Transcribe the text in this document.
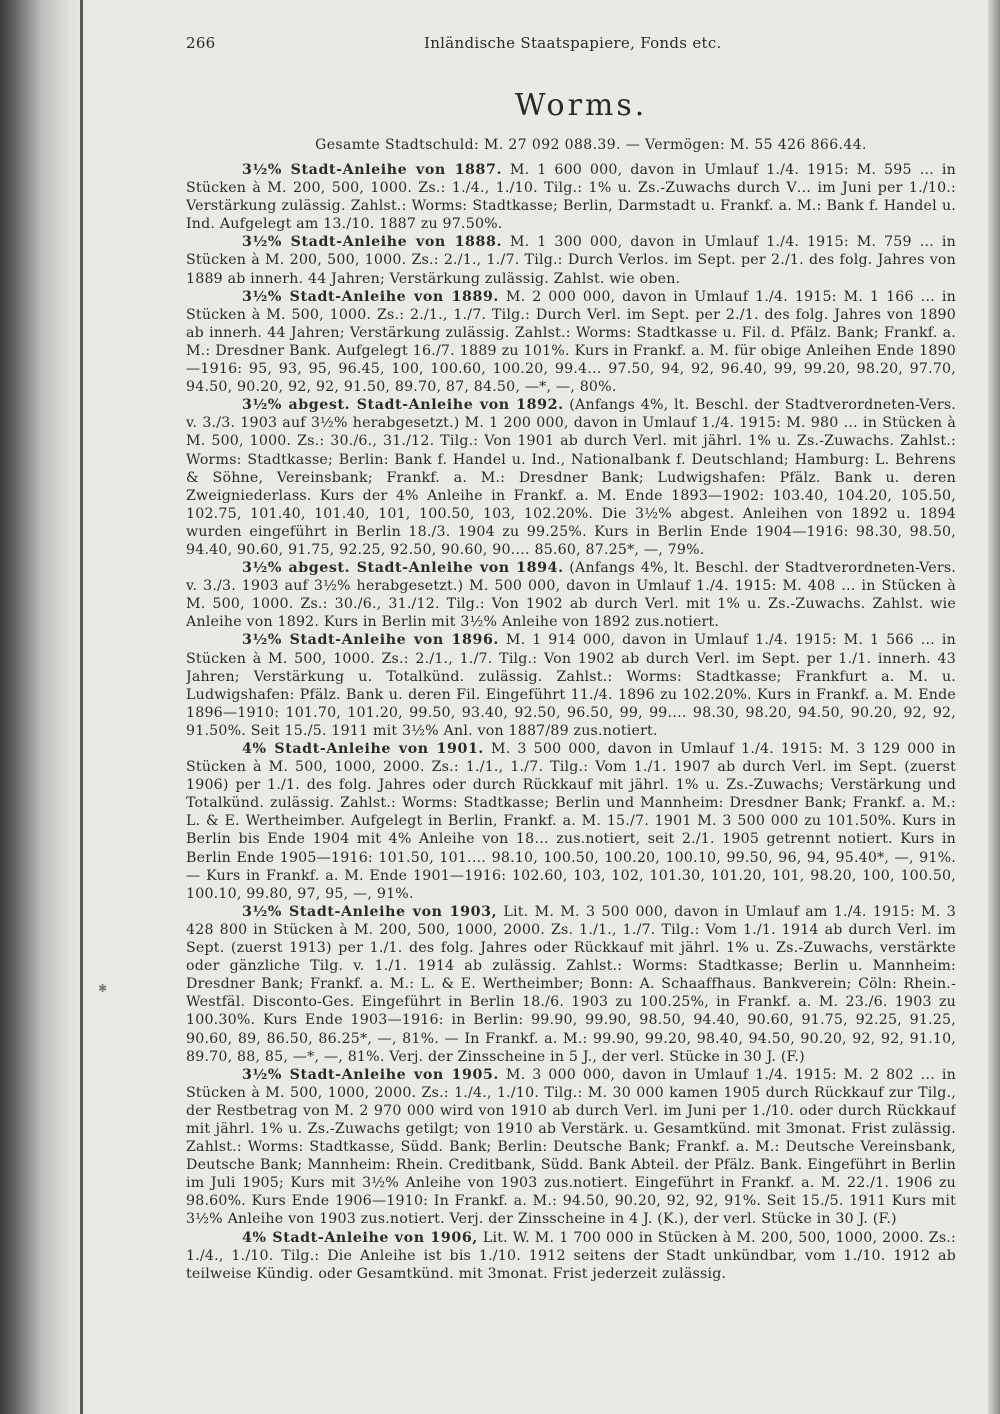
✱
266	Inländische Staatspapiere, Fonds etc.
Worms.
Gesamte Stadtschuld: M. 27 092 088.39. — Vermögen: M. 55 426 866.44.

3½% Stadt-Anleihe von 1887. M. 1 600 000, davon in Umlauf 1./4. 1915: M. 595 … in Stücken à M. 200, 500, 1000. Zs.: 1./4., 1./10. Tilg.: 1% u. Zs.-Zuwachs durch V… im Juni per 1./10.: Verstärkung zulässig. Zahlst.: Worms: Stadtkasse; Berlin, Darmstadt u. Frankf. a. M.: Bank f. Handel u. Ind. Aufgelegt am 13./10. 1887 zu 97.50%.

3½% Stadt-Anleihe von 1888. M. 1 300 000, davon in Umlauf 1./4. 1915: M. 759 … in Stücken à M. 200, 500, 1000. Zs.: 2./1., 1./7. Tilg.: Durch Verlos. im Sept. per 2./1. des folg. Jahres von 1889 ab innerh. 44 Jahren; Verstärkung zulässig. Zahlst. wie oben.

3½% Stadt-Anleihe von 1889. M. 2 000 000, davon in Umlauf 1./4. 1915: M. 1 166 … in Stücken à M. 500, 1000. Zs.: 2./1., 1./7. Tilg.: Durch Verl. im Sept. per 2./1. des folg. Jahres von 1890 ab innerh. 44 Jahren; Verstärkung zulässig. Zahlst.: Worms: Stadtkasse u. Fil. d. Pfälz. Bank; Frankf. a. M.: Dresdner Bank. Aufgelegt 16./7. 1889 zu 101%. Kurs in Frankf. a. M. für obige Anleihen Ende 1890—1916: 95, 93, 95, 96.45, 100, 100.60, 100.20, 99.4… 97.50, 94, 92, 96.40, 99, 99.20, 98.20, 97.70, 94.50, 90.20, 92, 92, 91.50, 89.70, 87, 84.50, —*, —, 80%.

3½% abgest. Stadt-Anleihe von 1892. (Anfangs 4%, lt. Beschl. der Stadtverordneten-Vers. v. 3./3. 1903 auf 3½% herabgesetzt.) M. 1 200 000, davon in Umlauf 1./4. 1915: M. 980 … in Stücken à M. 500, 1000. Zs.: 30./6., 31./12. Tilg.: Von 1901 ab durch Verl. mit jährl. 1% u. Zs.-Zuwachs. Zahlst.: Worms: Stadtkasse; Berlin: Bank f. Handel u. Ind., Nationalbank f. Deutschland; Hamburg: L. Behrens & Söhne, Vereinsbank; Frankf. a. M.: Dresdner Bank; Ludwigshafen: Pfälz. Bank u. deren Zweigniederlass. Kurs der 4% Anleihe in Frankf. a. M. Ende 1893—1902: 103.40, 104.20, 105.50, 102.75, 101.40, 101.40, 101, 100.50, 103, 102.20%. Die 3½% abgest. Anleihen von 1892 u. 1894 wurden eingeführt in Berlin 18./3. 1904 zu 99.25%. Kurs in Berlin Ende 1904—1916: 98.30, 98.50, 94.40, 90.60, 91.75, 92.25, 92.50, 90.60, 90.… 85.60, 87.25*, —, 79%.

3½% abgest. Stadt-Anleihe von 1894. (Anfangs 4%, lt. Beschl. der Stadtverordneten-Vers. v. 3./3. 1903 auf 3½% herabgesetzt.) M. 500 000, davon in Umlauf 1./4. 1915: M. 408 … in Stücken à M. 500, 1000. Zs.: 30./6., 31./12. Tilg.: Von 1902 ab durch Verl. mit 1% u. Zs.-Zuwachs. Zahlst. wie Anleihe von 1892. Kurs in Berlin mit 3½% Anleihe von 1892 zus.notiert.

3½% Stadt-Anleihe von 1896. M. 1 914 000, davon in Umlauf 1./4. 1915: M. 1 566 … in Stücken à M. 500, 1000. Zs.: 2./1., 1./7. Tilg.: Von 1902 ab durch Verl. im Sept. per 1./1. innerh. 43 Jahren; Verstärkung u. Totalkünd. zulässig. Zahlst.: Worms: Stadtkasse; Frankfurt a. M. u. Ludwigshafen: Pfälz. Bank u. deren Fil. Eingeführt 11./4. 1896 zu 102.20%. Kurs in Frankf. a. M. Ende 1896—1910: 101.70, 101.20, 99.50, 93.40, 92.50, 96.50, 99, 99.… 98.30, 98.20, 94.50, 90.20, 92, 92, 91.50%. Seit 15./5. 1911 mit 3½% Anl. von 1887/89 zus.notiert.

4% Stadt-Anleihe von 1901. M. 3 500 000, davon in Umlauf 1./4. 1915: M. 3 129 000 in Stücken à M. 500, 1000, 2000. Zs.: 1./1., 1./7. Tilg.: Vom 1./1. 1907 ab durch Verl. im Sept. (zuerst 1906) per 1./1. des folg. Jahres oder durch Rückkauf mit jährl. 1% u. Zs.-Zuwachs; Verstärkung und Totalkünd. zulässig. Zahlst.: Worms: Stadtkasse; Berlin und Mannheim: Dresdner Bank; Frankf. a. M.: L. & E. Wertheimber. Aufgelegt in Berlin, Frankf. a. M. 15./7. 1901 M. 3 500 000 zu 101.50%. Kurs in Berlin bis Ende 1904 mit 4% Anleihe von 18… zus.notiert, seit 2./1. 1905 getrennt notiert. Kurs in Berlin Ende 1905—1916: 101.50, 101.… 98.10, 100.50, 100.20, 100.10, 99.50, 96, 94, 95.40*, —, 91%. — Kurs in Frankf. a. M. Ende 1901—1916: 102.60, 103, 102, 101.30, 101.20, 101, 98.20, 100, 100.50, 100.10, 99.80, 97, 95, —, 91%.

3½% Stadt-Anleihe von 1903, Lit. M. M. 3 500 000, davon in Umlauf am 1./4. 1915: M. 3 428 800 in Stücken à M. 200, 500, 1000, 2000. Zs. 1./1., 1./7. Tilg.: Vom 1./1. 1914 ab durch Verl. im Sept. (zuerst 1913) per 1./1. des folg. Jahres oder Rückkauf mit jährl. 1% u. Zs.-Zuwachs, verstärkte oder gänzliche Tilg. v. 1./1. 1914 ab zulässig. Zahlst.: Worms: Stadtkasse; Berlin u. Mannheim: Dresdner Bank; Frankf. a. M.: L. & E. Wertheimber; Bonn: A. Schaaffhaus. Bankverein; Cöln: Rhein.-Westfäl. Disconto-Ges. Eingeführt in Berlin 18./6. 1903 zu 100.25%, in Frankf. a. M. 23./6. 1903 zu 100.30%. Kurs Ende 1903—1916: in Berlin: 99.90, 99.90, 98.50, 94.40, 90.60, 91.75, 92.25, 91.25, 90.60, 89, 86.50, 86.25*, —, 81%. — In Frankf. a. M.: 99.90, 99.20, 98.40, 94.50, 90.20, 92, 92, 91.10, 89.70, 88, 85, —*, —, 81%. Verj. der Zinsscheine in 5 J., der verl. Stücke in 30 J. (F.)

3½% Stadt-Anleihe von 1905. M. 3 000 000, davon in Umlauf 1./4. 1915: M. 2 802 … in Stücken à M. 500, 1000, 2000. Zs.: 1./4., 1./10. Tilg.: M. 30 000 kamen 1905 durch Rückkauf zur Tilg., der Restbetrag von M. 2 970 000 wird von 1910 ab durch Verl. im Juni per 1./10. oder durch Rückkauf mit jährl. 1% u. Zs.-Zuwachs getilgt; von 1910 ab Verstärk. u. Gesamtkünd. mit 3monat. Frist zulässig. Zahlst.: Worms: Stadtkasse, Südd. Bank; Berlin: Deutsche Bank; Frankf. a. M.: Deutsche Vereinsbank, Deutsche Bank; Mannheim: Rhein. Creditbank, Südd. Bank Abteil. der Pfälz. Bank. Eingeführt in Berlin im Juli 1905; Kurs mit 3½% Anleihe von 1903 zus.notiert. Eingeführt in Frankf. a. M. 22./1. 1906 zu 98.60%. Kurs Ende 1906—1910: In Frankf. a. M.: 94.50, 90.20, 92, 92, 91%. Seit 15./5. 1911 Kurs mit 3½% Anleihe von 1903 zus.notiert. Verj. der Zinsscheine in 4 J. (K.), der verl. Stücke in 30 J. (F.)

4% Stadt-Anleihe von 1906, Lit. W. M. 1 700 000 in Stücken à M. 200, 500, 1000, 2000. Zs.: 1./4., 1./10. Tilg.: Die Anleihe ist bis 1./10. 1912 seitens der Stadt unkündbar, vom 1./10. 1912 ab teilweise Kündig. oder Gesamtkünd. mit 3monat. Frist jederzeit zulässig.
